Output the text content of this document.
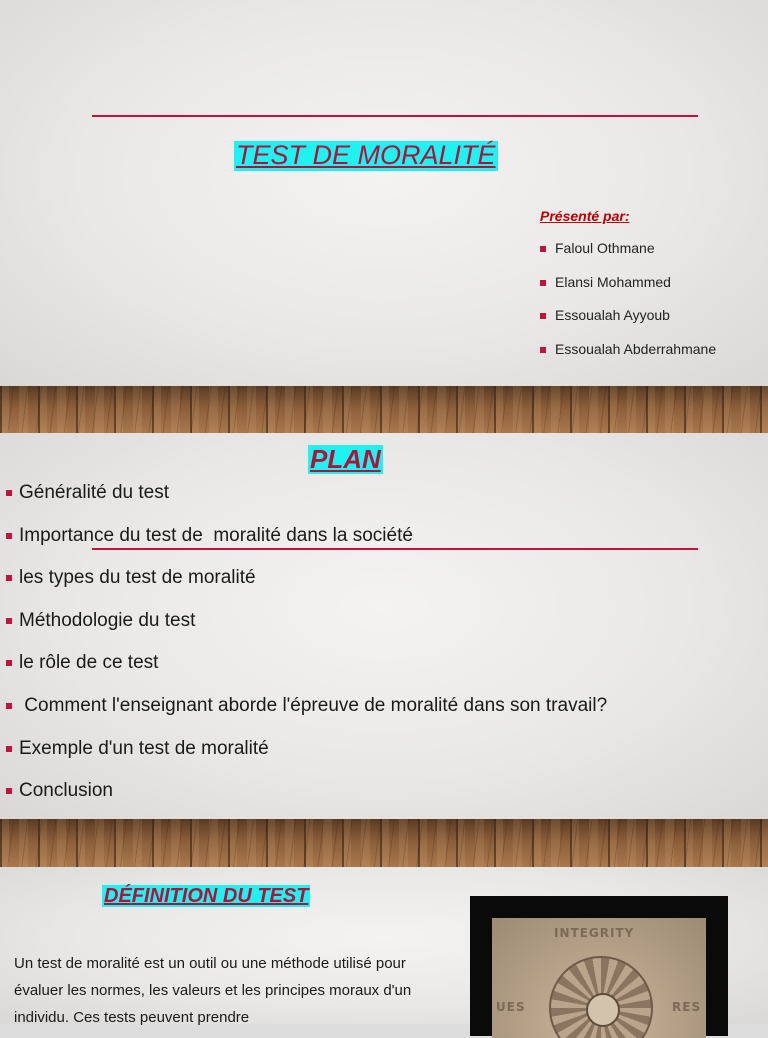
TEST DE MORALITÉ
Présenté par:
Faloul Othmane
Elansi Mohammed
Essoualah Ayyoub
Essoualah Abderrahmane
PLAN
Généralité du test
Importance du test de  moralité dans la société
les types du test de moralité
Méthodologie du test
le rôle de ce test
Comment l'enseignant aborde l'épreuve de moralité dans son travail?
Exemple d'un test de moralité
Conclusion
DÉFINITION DU TEST

Un test de moralité est un outil ou une méthode utilisé pour évaluer les normes, les valeurs et les principes moraux d'un individu. Ces tests peuvent prendre

INTEGRITY
UES	RES
